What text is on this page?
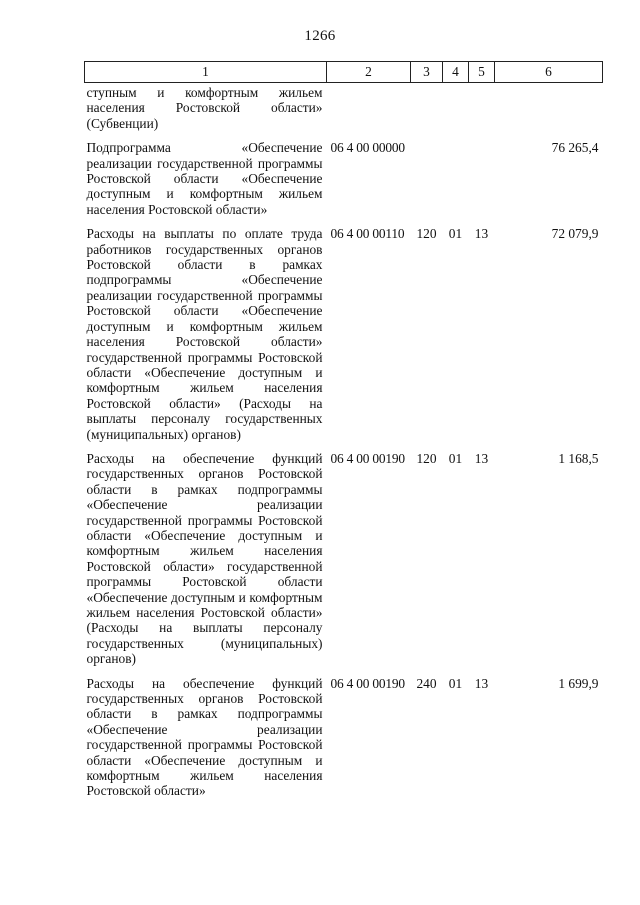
1266
1	2	3	4	5	6
ступным и комфортным жильем населения Ростовской области» (Субвенции)					
Подпрограмма «Обеспечение реализации государственной программы Ростовской области «Обеспечение доступным и комфортным жильем населения Ростовской области»	06 4 00 00000				76 265,4
Расходы на выплаты по оплате труда работников государственных органов Ростовской области в рамках подпрограммы «Обеспечение реализации государственной программы Ростовской области «Обеспечение доступным и комфортным жильем населения Ростовской области» государственной программы Ростовской области «Обеспечение доступным и комфортным жильем населения Ростовской области» (Расходы на выплаты персоналу государственных (муниципальных) органов)	06 4 00 00110	120	01	13	72 079,9
Расходы на обеспечение функций государственных органов Ростовской области в рамках подпрограммы «Обеспечение реализации государственной программы Ростовской области «Обеспечение доступным и комфортным жильем населения Ростовской области» государственной программы Ростовской области «Обеспечение доступным и комфортным жильем населения Ростовской области» (Расходы на выплаты персоналу государственных (муниципальных) органов)	06 4 00 00190	120	01	13	1 168,5
Расходы на обеспечение функций государственных органов Ростовской области в рамках подпрограммы «Обеспечение реализации государственной программы Ростовской области «Обеспечение доступным и комфортным жильем населения Ростовской области»	06 4 00 00190	240	01	13	1 699,9
